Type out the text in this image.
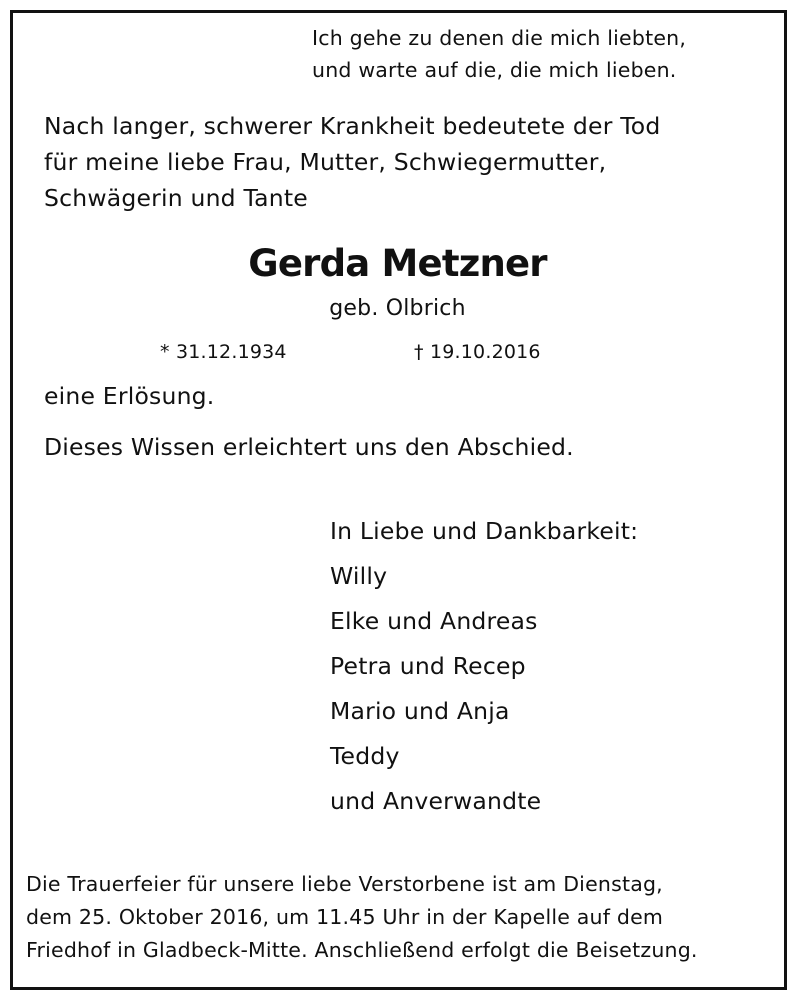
Ich gehe zu denen die mich liebten,
und warte auf die, die mich lieben.
Nach langer, schwerer Krankheit bedeutete der Tod
für meine liebe Frau, Mutter, Schwiegermutter,
Schwägerin und Tante
Gerda Metzner
geb. Olbrich
* 31.12.1934	† 19.10.2016
eine Erlösung.
Dieses Wissen erleichtert uns den Abschied.
In Liebe und Dankbarkeit:
Willy
Elke und Andreas
Petra und Recep
Mario und Anja
Teddy
und Anverwandte
Die Trauerfeier für unsere liebe Verstorbene ist am Dienstag,
dem 25. Oktober 2016, um 11.45 Uhr in der Kapelle auf dem
Friedhof in Gladbeck-Mitte. Anschließend erfolgt die Beisetzung.
